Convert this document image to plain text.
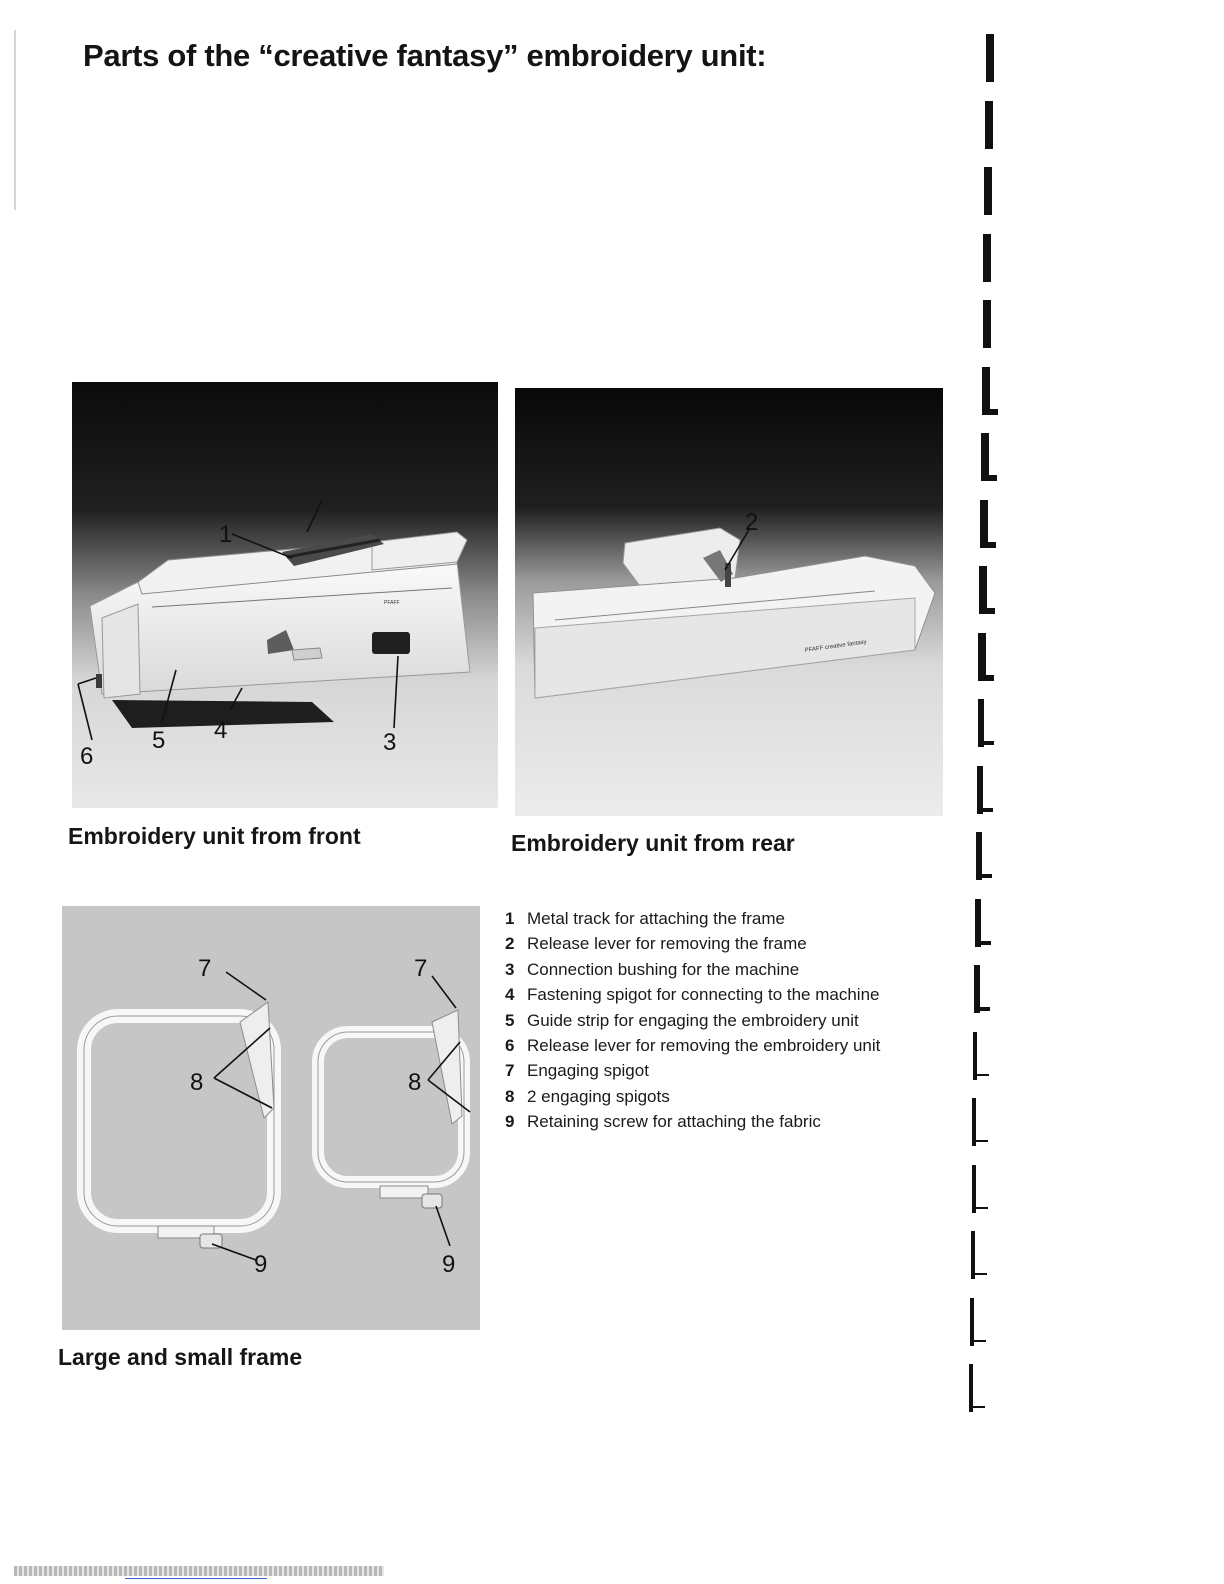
Parts of the “creative fantasy” embroidery unit:
PFAFF
1
6
5 4	3

Embroidery unit from front

PFAFF creative fantasy
2

Embroidery unit from rear

7
8
9
7
8
9

Large and small frame

1 Metal track for attaching the frame
2 Release lever for removing the frame
3 Connection bushing for the machine
4 Fastening spigot for connecting to the machine
5 Guide strip for engaging the embroidery unit
6 Release lever for removing the embroidery unit
7 Engaging spigot
8 2 engaging spigots
9 Retaining screw for attaching the fabric
